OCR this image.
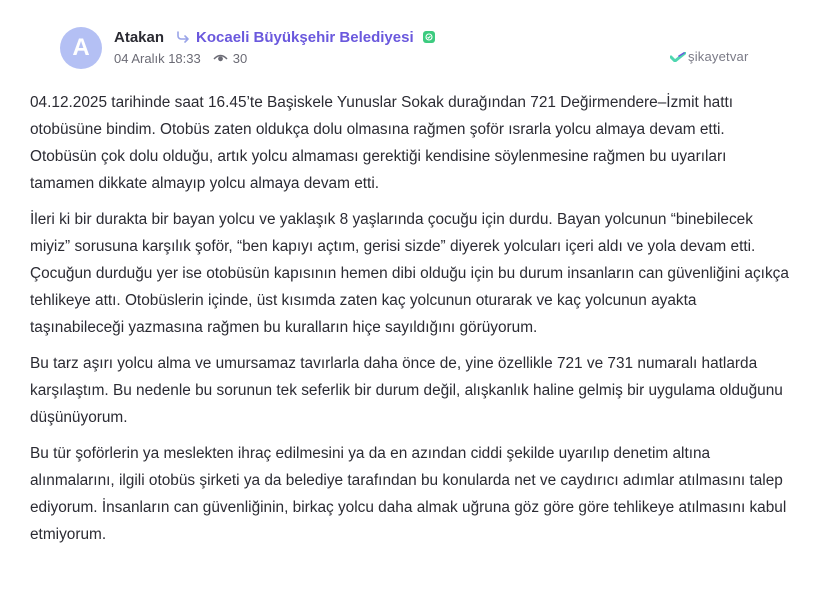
A	Atakan Kocaeli Büyükşehir Belediyesi
04 Aralık 18:33 30	şikayetvar

04.12.2025 tarihinde saat 16.45’te Başiskele Yunuslar Sokak durağından 721 Değirmendere–İzmit hattı otobüsüne bindim. Otobüs zaten oldukça dolu olmasına rağmen şoför ısrarla yolcu almaya devam etti. Otobüsün çok dolu olduğu, artık yolcu almaması gerektiği kendisine söylenmesine rağmen bu uyarıları tamamen dikkate almayıp yolcu almaya devam etti.

İleri ki bir durakta bir bayan yolcu ve yaklaşık 8 yaşlarında çocuğu için durdu. Bayan yolcunun “binebilecek miyiz” sorusuna karşılık şoför, “ben kapıyı açtım, gerisi sizde” diyerek yolcuları içeri aldı ve yola devam etti. Çocuğun durduğu yer ise otobüsün kapısının hemen dibi olduğu için bu durum insanların can güvenliğini açıkça tehlikeye attı. Otobüslerin içinde, üst kısımda zaten kaç yolcunun oturarak ve kaç yolcunun ayakta taşınabileceği yazmasına rağmen bu kuralların hiçe sayıldığını görüyorum.

Bu tarz aşırı yolcu alma ve umursamaz tavırlarla daha önce de, yine özellikle 721 ve 731 numaralı hatlarda karşılaştım. Bu nedenle bu sorunun tek seferlik bir durum değil, alışkanlık haline gelmiş bir uygulama olduğunu düşünüyorum.

Bu tür şoförlerin ya meslekten ihraç edilmesini ya da en azından ciddi şekilde uyarılıp denetim altına alınmalarını, ilgili otobüs şirketi ya da belediye tarafından bu konularda net ve caydırıcı adımlar atılmasını talep ediyorum. İnsanların can güvenliğinin, birkaç yolcu daha almak uğruna göz göre göre tehlikeye atılmasını kabul etmiyorum.
